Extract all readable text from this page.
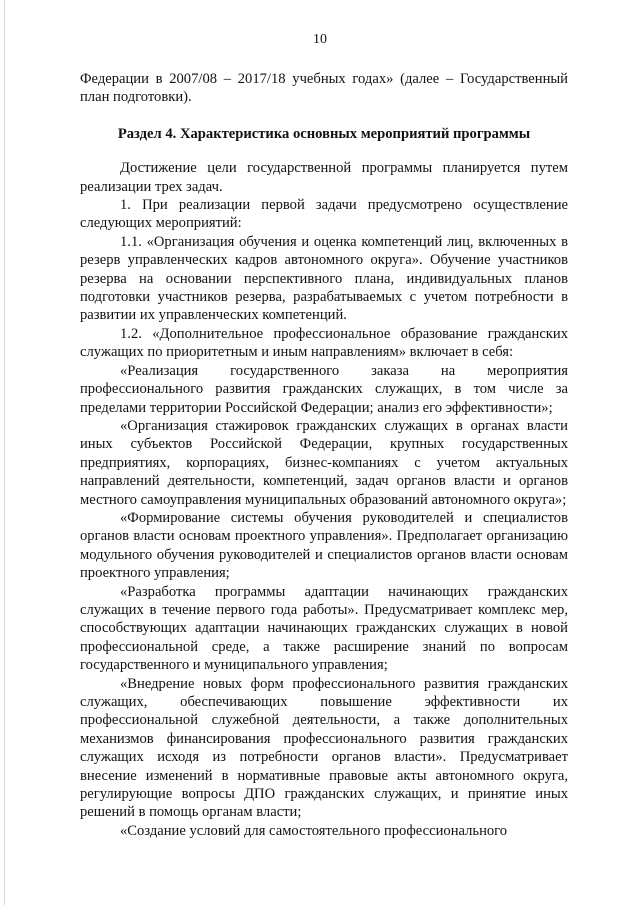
10

Федерации в 2007/08 – 2017/18 учебных годах» (далее – Государственный план подготовки).

Раздел 4. Характеристика основных мероприятий программы

Достижение цели государственной программы планируется путем реализации трех задач.

1. При реализации первой задачи предусмотрено осуществление следующих мероприятий:

1.1. «Организация обучения и оценка компетенций лиц, включенных в резерв управленческих кадров автономного округа». Обучение участников резерва на основании перспективного плана, индивидуальных планов подготовки участников резерва, разрабатываемых с учетом потребности в развитии их управленческих компетенций.

1.2. «Дополнительное профессиональное образование гражданских служащих по приоритетным и иным направлениям» включает в себя:

«Реализация государственного заказа на мероприятия профессионального развития гражданских служащих, в том числе за пределами территории Российской Федерации; анализ его эффективности»;

«Организация стажировок гражданских служащих в органах власти иных субъектов Российской Федерации, крупных государственных предприятиях, корпорациях, бизнес-компаниях с учетом актуальных направлений деятельности, компетенций, задач органов власти и органов местного самоуправления муниципальных образований автономного округа»;

«Формирование системы обучения руководителей и специалистов органов власти основам проектного управления». Предполагает организацию модульного обучения руководителей и специалистов органов власти основам проектного управления;

«Разработка программы адаптации начинающих гражданских служащих в течение первого года работы». Предусматривает комплекс мер, способствующих адаптации начинающих гражданских служащих в новой профессиональной среде, а также расширение знаний по вопросам государственного и муниципального управления;

«Внедрение новых форм профессионального развития гражданских служащих, обеспечивающих повышение эффективности их профессиональной служебной деятельности, а также дополнительных механизмов финансирования профессионального развития гражданских служащих исходя из потребности органов власти». Предусматривает внесение изменений в нормативные правовые акты автономного округа, регулирующие вопросы ДПО гражданских служащих, и принятие иных решений в помощь органам власти;

«Создание условий для самостоятельного профессионального
